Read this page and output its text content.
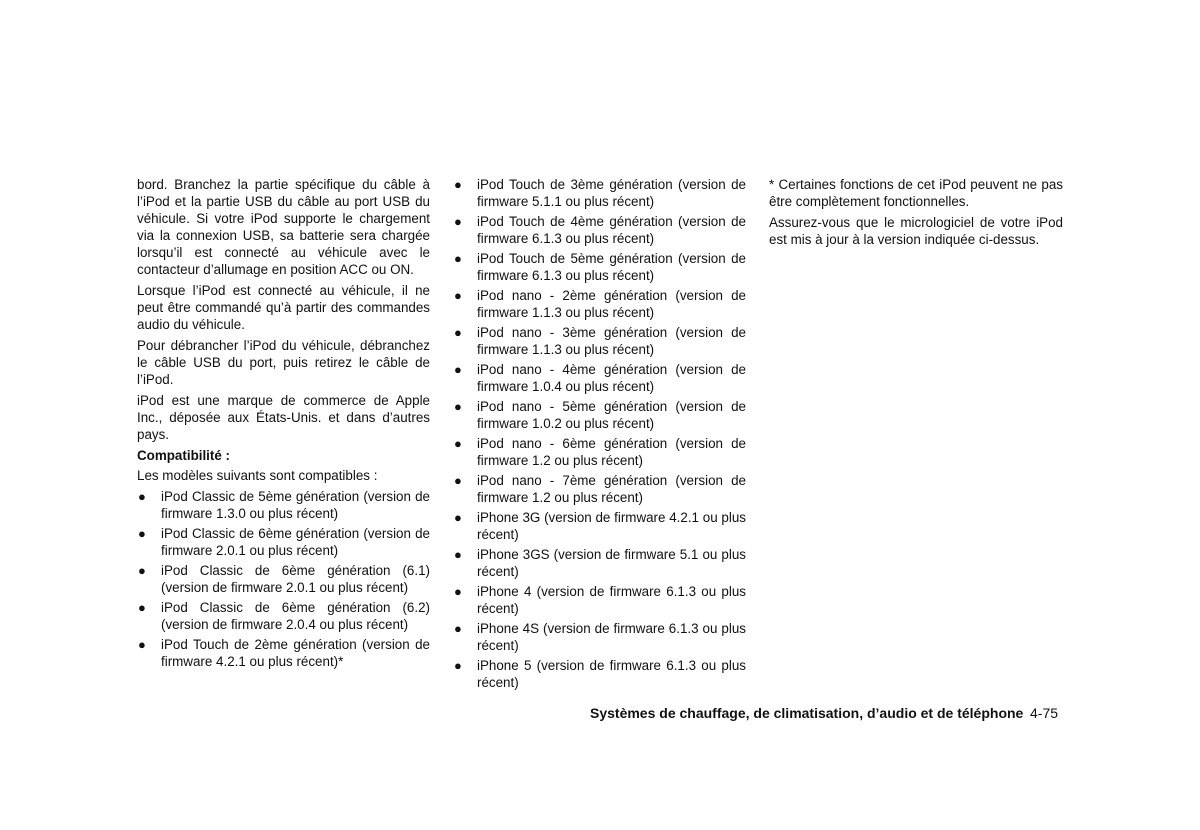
bord. Branchez la partie spécifique du câble à l’iPod et la partie USB du câble au port USB du véhicule. Si votre iPod supporte le chargement via la connexion USB, sa batterie sera chargée lorsqu’il est connecté au véhicule avec le contacteur d’allumage en position ACC ou ON.

Lorsque l’iPod est connecté au véhicule, il ne peut être commandé qu’à partir des commandes audio du véhicule.

Pour débrancher l’iPod du véhicule, débranchez le câble USB du port, puis retirez le câble de l’iPod.

iPod est une marque de commerce de Apple Inc., déposée aux États-Unis. et dans d’autres pays.

Compatibilité :

Les modèles suivants sont compatibles :

● iPod Classic de 5ème génération (version de firmware 1.3.0 ou plus récent)
● iPod Classic de 6ème génération (version de firmware 2.0.1 ou plus récent)
● iPod Classic de 6ème génération (6.1) (version de firmware 2.0.1 ou plus récent)
● iPod Classic de 6ème génération (6.2) (version de firmware 2.0.4 ou plus récent)
● iPod Touch de 2ème génération (version de firmware 4.2.1 ou plus récent)*
● iPod Touch de 3ème génération (version de firmware 5.1.1 ou plus récent)
● iPod Touch de 4ème génération (version de firmware 6.1.3 ou plus récent)
● iPod Touch de 5ème génération (version de firmware 6.1.3 ou plus récent)
● iPod nano - 2ème génération (version de firmware 1.1.3 ou plus récent)
● iPod nano - 3ème génération (version de firmware 1.1.3 ou plus récent)
● iPod nano - 4ème génération (version de firmware 1.0.4 ou plus récent)
● iPod nano - 5ème génération (version de firmware 1.0.2 ou plus récent)
● iPod nano - 6ème génération (version de firmware 1.2 ou plus récent)
● iPod nano - 7ème génération (version de firmware 1.2 ou plus récent)
● iPhone 3G (version de firmware 4.2.1 ou plus récent)
● iPhone 3GS (version de firmware 5.1 ou plus récent)
● iPhone 4 (version de firmware 6.1.3 ou plus récent)
● iPhone 4S (version de firmware 6.1.3 ou plus récent)
● iPhone 5 (version de firmware 6.1.3 ou plus récent)

* Certaines fonctions de cet iPod peuvent ne pas être complètement fonctionnelles.

Assurez-vous que le micrologiciel de votre iPod est mis à jour à la version indiquée ci-dessus.

Systèmes de chauffage, de climatisation, d’audio et de téléphone 4-75
